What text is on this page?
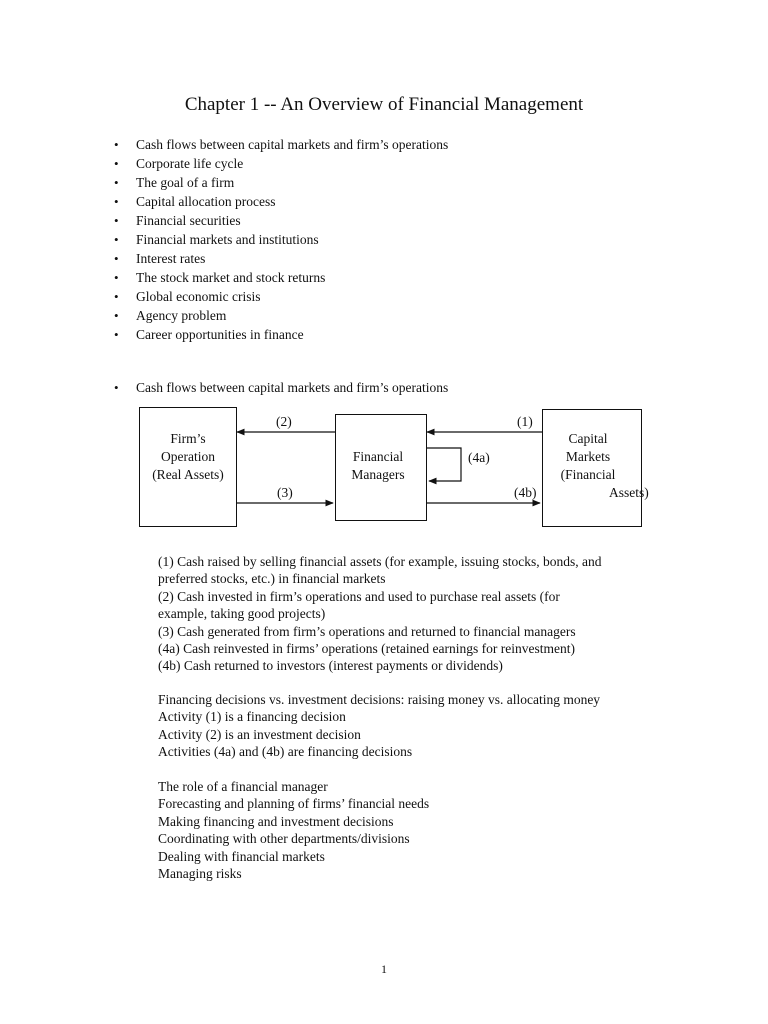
Chapter 1 -- An Overview of Financial Management
• Cash flows between capital markets and firm’s operations
• Corporate life cycle
• The goal of a firm
• Capital allocation process
• Financial securities
• Financial markets and institutions
• Interest rates
• The stock market and stock returns
• Global economic crisis
• Agency problem
• Career opportunities in finance
• Cash flows between capital markets and firm’s operations
Firm’s
Operation
(Real Assets)
Financial
Managers
Capital
Markets
(Financial
Assets)
(2)	(1)
(4a)
(3)	(4b)
(1) Cash raised by selling financial assets (for example, issuing stocks, bonds, and
preferred stocks, etc.) in financial markets
(2) Cash invested in firm’s operations and used to purchase real assets (for
example, taking good projects)
(3) Cash generated from firm’s operations and returned to financial managers
(4a) Cash reinvested in firms’ operations (retained earnings for reinvestment)
(4b) Cash returned to investors (interest payments or dividends)
Financing decisions vs. investment decisions: raising money vs. allocating money
Activity (1) is a financing decision
Activity (2) is an investment decision
Activities (4a) and (4b) are financing decisions
The role of a financial manager
Forecasting and planning of firms’ financial needs
Making financing and investment decisions
Coordinating with other departments/divisions
Dealing with financial markets
Managing risks
1
